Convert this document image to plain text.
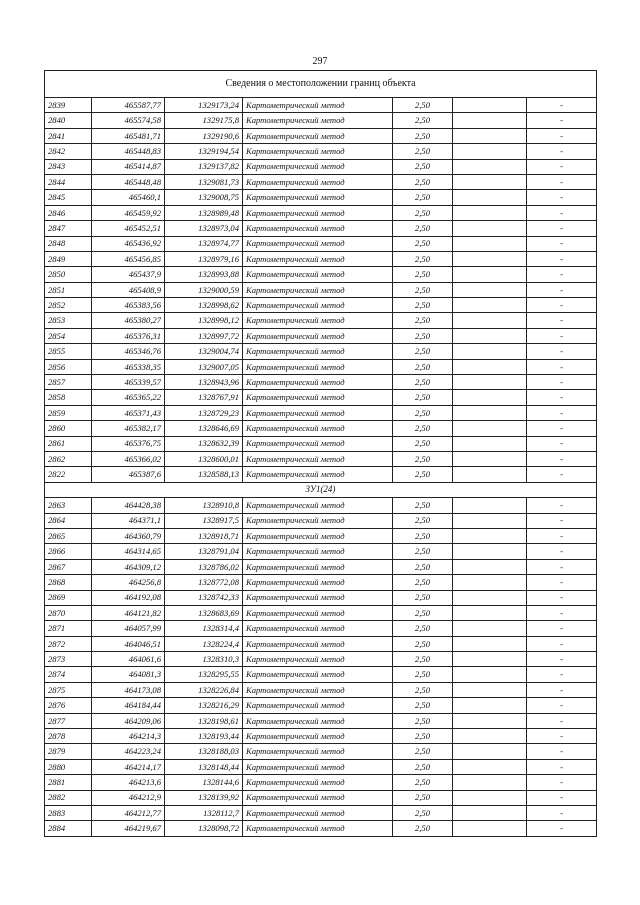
297
Сведения о местоположении границ объекта						
2839	465587,77	1329173,24	Картометрический метод	2,50		-
2840	465574,58	1329175,8	Картометрический метод	2,50		-
2841	465481,71	1329190,6	Картометрический метод	2,50		-
2842	465448,83	1329194,54	Картометрический метод	2,50		-
2843	465414,87	1329137,82	Картометрический метод	2,50		-
2844	465448,48	1329081,73	Картометрический метод	2,50		-
2845	465460,1	1329008,75	Картометрический метод	2,50		-
2846	465459,92	1328989,48	Картометрический метод	2,50		-
2847	465452,51	1328973,04	Картометрический метод	2,50		-
2848	465436,92	1328974,77	Картометрический метод	2,50		-
2849	465456,85	1328979,16	Картометрический метод	2,50		-
2850	465437,9	1328993,88	Картометрический метод	2,50		-
2851	465408,9	1329000,59	Картометрический метод	2,50		-
2852	465383,56	1328998,62	Картометрический метод	2,50		-
2853	465380,27	1328998,12	Картометрический метод	2,50		-
2854	465376,31	1328997,72	Картометрический метод	2,50		-
2855	465346,76	1329004,74	Картометрический метод	2,50		-
2856	465338,35	1329007,05	Картометрический метод	2,50		-
2857	465339,57	1328943,96	Картометрический метод	2,50		-
2858	465365,22	1328767,91	Картометрический метод	2,50		-
2859	465371,43	1328729,23	Картометрический метод	2,50		-
2860	465382,17	1328646,69	Картометрический метод	2,50		-
2861	465376,75	1328632,39	Картометрический метод	2,50		-
2862	465366,02	1328600,01	Картометрический метод	2,50		-
2822	465387,6	1328588,13	Картометрический метод	2,50		-
ЗУ1(24)						
2863	464428,38	1328910,8	Картометрический метод	2,50		-
2864	464371,1	1328917,5	Картометрический метод	2,50		-
2865	464360,79	1328918,71	Картометрический метод	2,50		-
2866	464314,65	1328791,04	Картометрический метод	2,50		-
2867	464309,12	1328786,02	Картометрический метод	2,50		-
2868	464256,8	1328772,08	Картометрический метод	2,50		-
2869	464192,08	1328742,33	Картометрический метод	2,50		-
2870	464121,82	1328683,69	Картометрический метод	2,50		-
2871	464057,99	1328314,4	Картометрический метод	2,50		-
2872	464046,51	1328224,4	Картометрический метод	2,50		-
2873	464061,6	1328310,3	Картометрический метод	2,50		-
2874	464081,3	1328295,55	Картометрический метод	2,50		-
2875	464173,08	1328226,84	Картометрический метод	2,50		-
2876	464184,44	1328216,29	Картометрический метод	2,50		-
2877	464209,06	1328198,61	Картометрический метод	2,50		-
2878	464214,3	1328193,44	Картометрический метод	2,50		-
2879	464223,24	1328188,03	Картометрический метод	2,50		-
2880	464214,17	1328148,44	Картометрический метод	2,50		-
2881	464213,6	1328144,6	Картометрический метод	2,50		-
2882	464212,9	1328139,92	Картометрический метод	2,50		-
2883	464212,77	1328112,7	Картометрический метод	2,50		-
2884	464219,67	1328098,72	Картометрический метод	2,50		-
